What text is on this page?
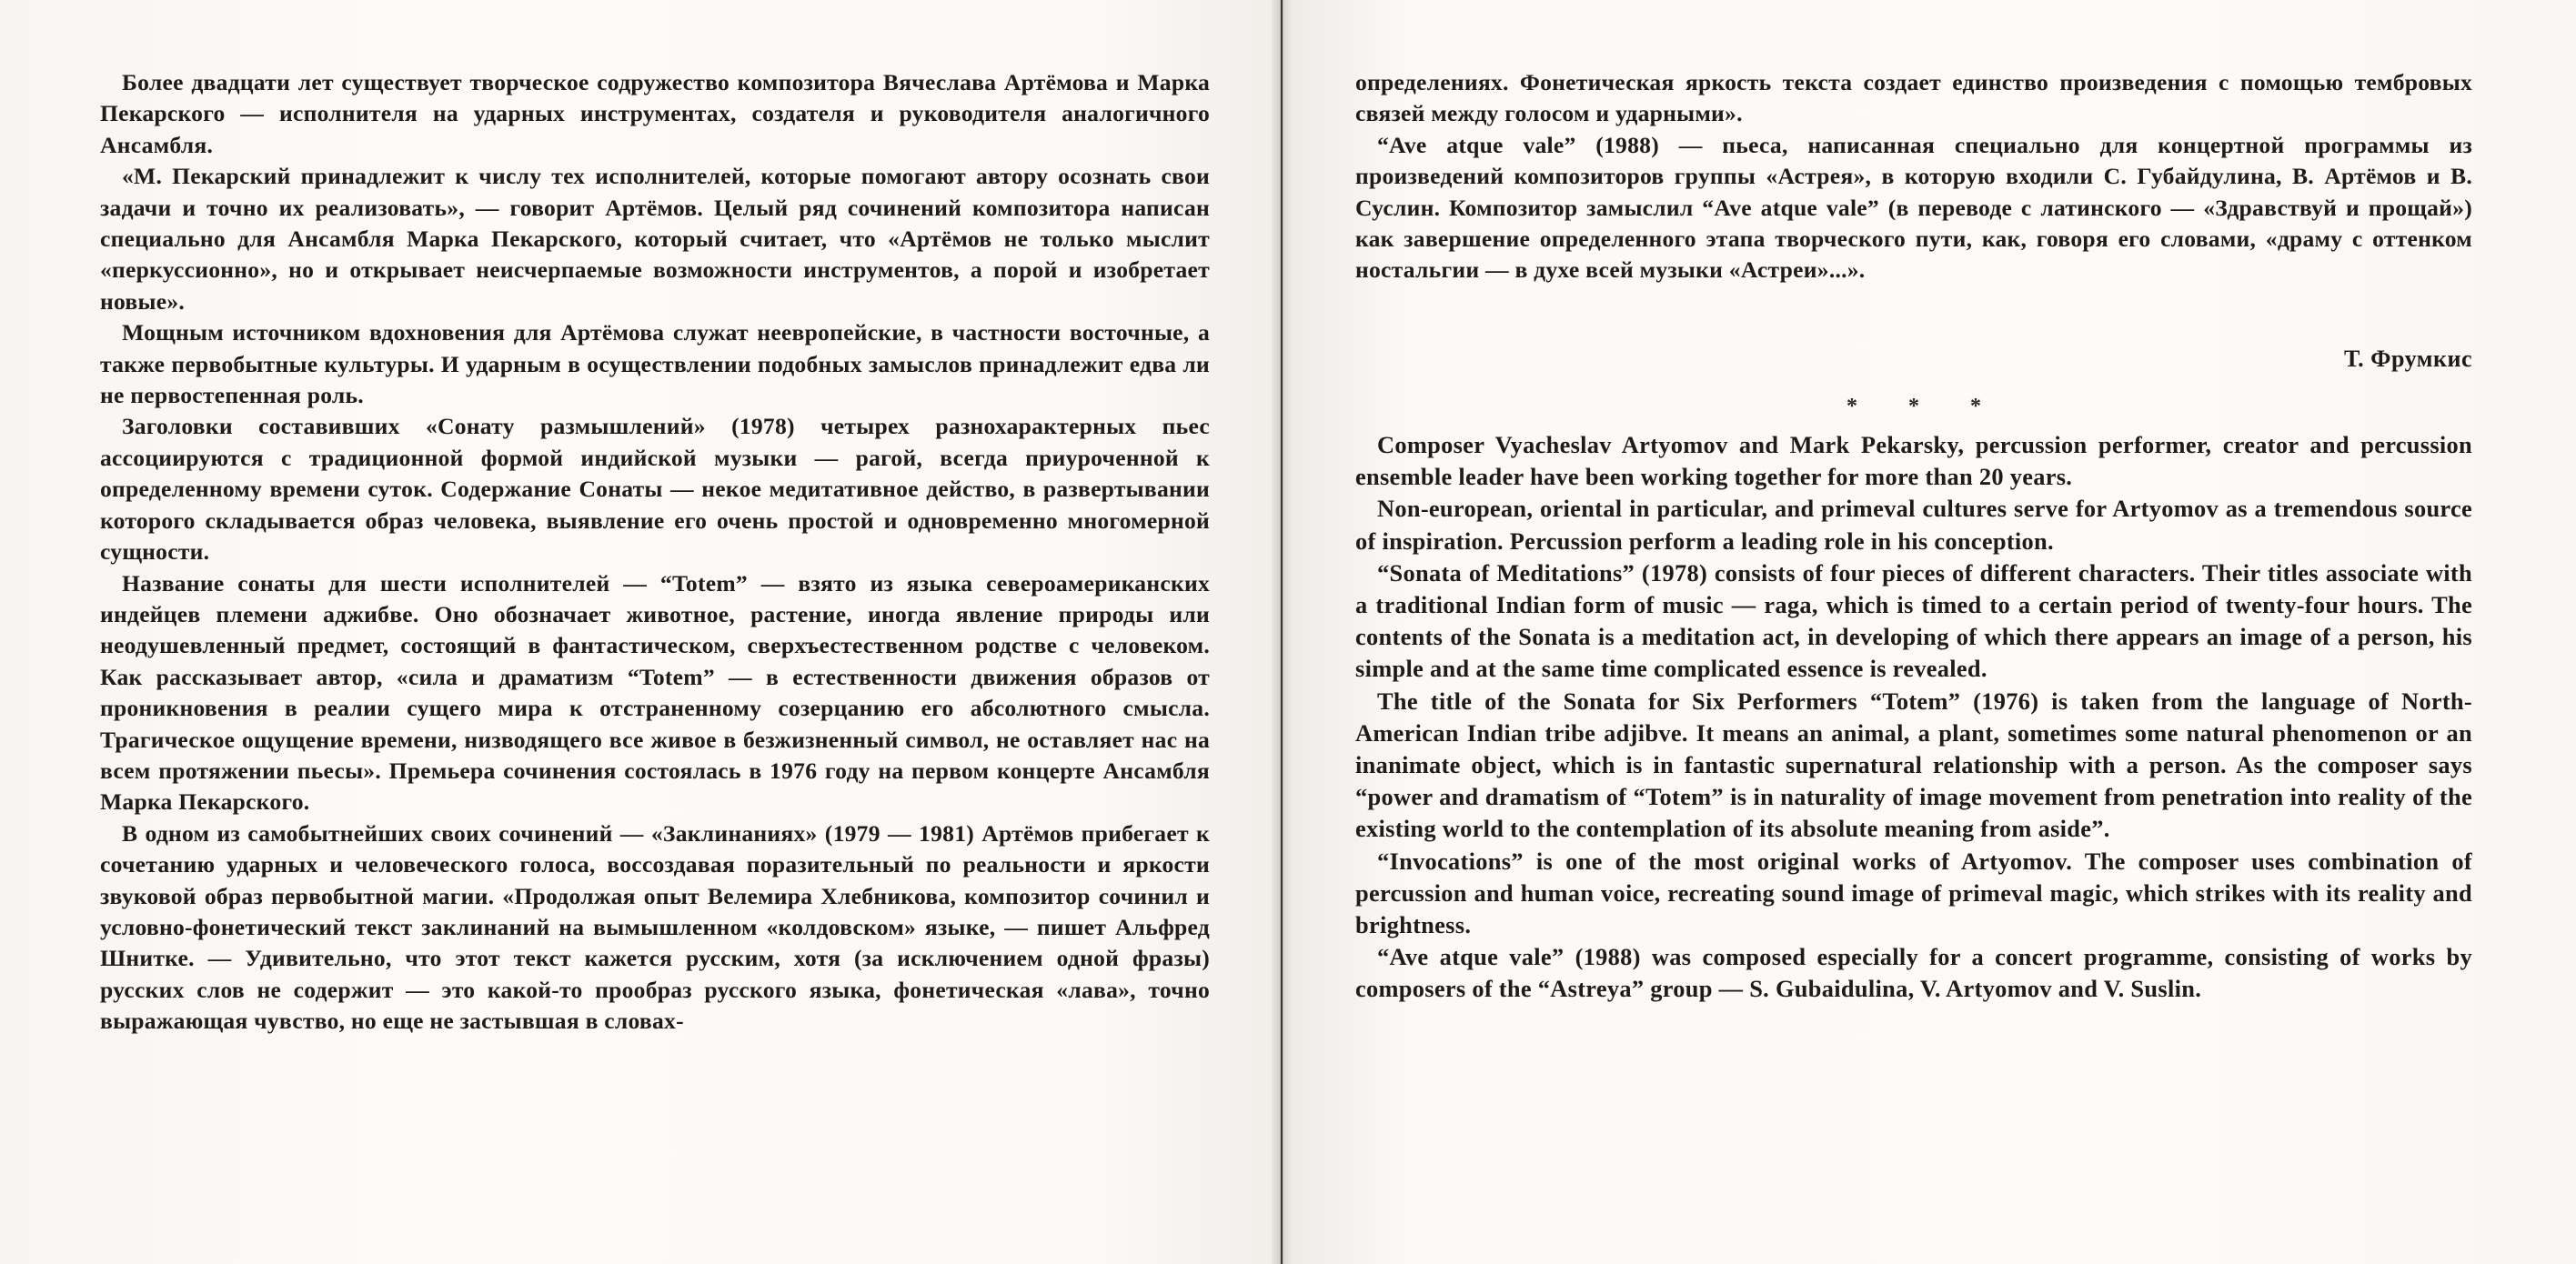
Более двадцати лет существует творческое содружество композитора Вячеслава Артёмова и Марка Пекарского — исполнителя на ударных инструментах, создателя и руководителя аналогичного Ансамбля.

«М. Пекарский принадлежит к числу тех исполнителей, которые помогают автору осознать свои задачи и точно их реализовать», — говорит Артёмов. Целый ряд сочинений композитора написан специально для Ансамбля Марка Пекарского, который считает, что «Артёмов не только мыслит «перкуссионно», но и открывает неисчерпаемые возможности инструментов, а порой и изобретает новые».

Мощным источником вдохновения для Артёмова служат неевропейские, в частности восточные, а также первобытные культуры. И ударным в осуществлении подобных замыслов принадлежит едва ли не первостепенная роль.

Заголовки составивших «Сонату размышлений» (1978) четырех разнохарактерных пьес ассоциируются с традиционной формой индийской музыки — рагой, всегда приуроченной к определенному времени суток. Содержание Сонаты — некое медитативное действо, в развертывании которого складывается образ человека, выявление его очень простой и одновременно многомерной сущности.

Название сонаты для шести исполнителей — “Totem” — взято из языка североамериканских индейцев племени аджибве. Оно обозначает животное, растение, иногда явление природы или неодушевленный предмет, состоящий в фантастическом, сверхъестественном родстве с человеком. Как рассказывает автор, «сила и драматизм “Totem” — в естественности движения образов от проникновения в реалии сущего мира к отстраненному созерцанию его абсолютного смысла. Трагическое ощущение времени, низводящего все живое в безжизненный символ, не оставляет нас на всем протяжении пьесы». Премьера сочинения состоялась в 1976 году на первом концерте Ансамбля Марка Пекарского.

В одном из самобытнейших своих сочинений — «Заклинаниях» (1979 — 1981) Артёмов прибегает к сочетанию ударных и человеческого голоса, воссоздавая поразительный по реальности и яркости звуковой образ первобытной магии. «Продолжая опыт Велемира Хлебникова, композитор сочинил и условно-фонетический текст заклинаний на вымышленном «колдовском» языке, — пишет Альфред Шнитке. — Удивительно, что этот текст кажется русским, хотя (за исключением одной фразы) русских слов не содержит — это какой-то прообраз русского языка, фонетическая «лава», точно выражающая чувство, но еще не застывшая в словах-

определениях. Фонетическая яркость текста создает единство произведения с помощью тембровых связей между голосом и ударными».

“Ave atque vale” (1988) — пьеса, написанная специально для концертной программы из произведений композиторов группы «Астрея», в которую входили С. Губайдулина, В. Артёмов и В. Суслин. Композитор замыслил “Ave atque vale” (в переводе с латинского — «Здравствуй и прощай») как завершение определенного этапа творческого пути, как, говоря его словами, «драму с оттенком ностальгии — в духе всей музыки «Астреи»...».

Т. Фрумкис
* * *

Composer Vyacheslav Artyomov and Mark Pekarsky, percussion performer, creator and percussion ensemble leader have been working together for more than 20 years.

Non-european, oriental in particular, and primeval cultures serve for Artyomov as a tremendous source of inspiration. Percussion perform a leading role in his conception.

“Sonata of Meditations” (1978) consists of four pieces of different characters. Their titles associate with a traditional Indian form of music — raga, which is timed to a certain period of twenty-four hours. The contents of the Sonata is a meditation act, in developing of which there appears an image of a person, his simple and at the same time complicated essence is revealed.

The title of the Sonata for Six Performers “Totem” (1976) is taken from the language of North-American Indian tribe adjibve. It means an animal, a plant, sometimes some natural phenomenon or an inanimate object, which is in fantastic supernatural relationship with a person. As the composer says “power and dramatism of “Totem” is in naturality of image movement from penetration into reality of the existing world to the contemplation of its absolute meaning from aside”.

“Invocations” is one of the most original works of Artyomov. The composer uses combination of percussion and human voice, recreating sound image of primeval magic, which strikes with its reality and brightness.

“Ave atque vale” (1988) was composed especially for a concert programme, consisting of works by composers of the “Astreya” group — S. Gubaidulina, V. Artyomov and V. Suslin.
